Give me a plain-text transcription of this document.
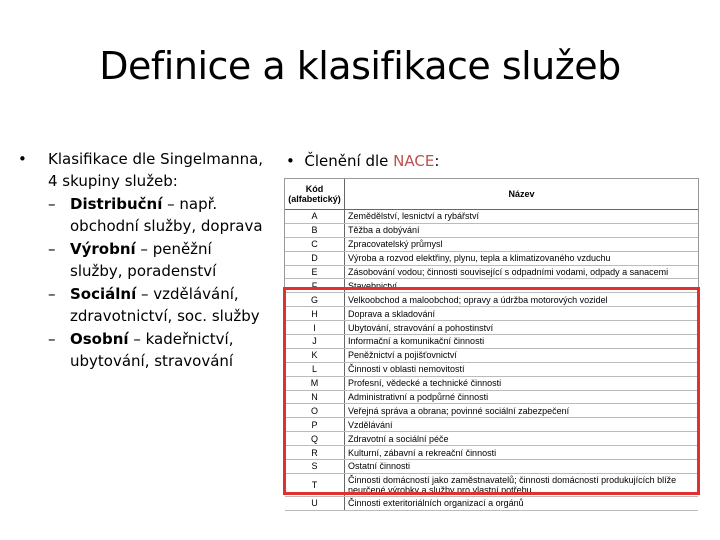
Definice a klasifikace služeb
• Klasifikace dle Singelmanna,
4 skupiny služeb:
– Distribuční – např. obchodní služby, doprava
– Výrobní – peněžní služby, poradenství
– Sociální – vzdělávání, zdravotnictví, soc. služby
– Osobní – kadeřnictví, ubytování, stravování
• Členění dle NACE:
Kód
(alfabetický)	Název
A	Zemědělství, lesnictví a rybářství
B	Těžba a dobývání
C	Zpracovatelský průmysl
D	Výroba a rozvod elektřiny, plynu, tepla a klimatizovaného vzduchu
E	Zásobování vodou; činnosti související s odpadními vodami, odpady a sanacemi
F	Stavebnictví
G	Velkoobchod a maloobchod; opravy a údržba motorových vozidel
H	Doprava a skladování
I	Ubytování, stravování a pohostinství
J	Informační a komunikační činnosti
K	Peněžnictví a pojišťovnictví
L	Činnosti v oblasti nemovitostí
M	Profesní, vědecké a technické činnosti
N	Administrativní a podpůrné činnosti
O	Veřejná správa a obrana; povinné sociální zabezpečení
P	Vzdělávání
Q	Zdravotní a sociální péče
R	Kulturní, zábavní a rekreační činnosti
S	Ostatní činnosti
T	Činnosti domácností jako zaměstnavatelů; činnosti domácností produkujících blíže neurčené výrobky a služby pro vlastní potřebu
U	Činnosti exteritoriálních organizací a orgánů
